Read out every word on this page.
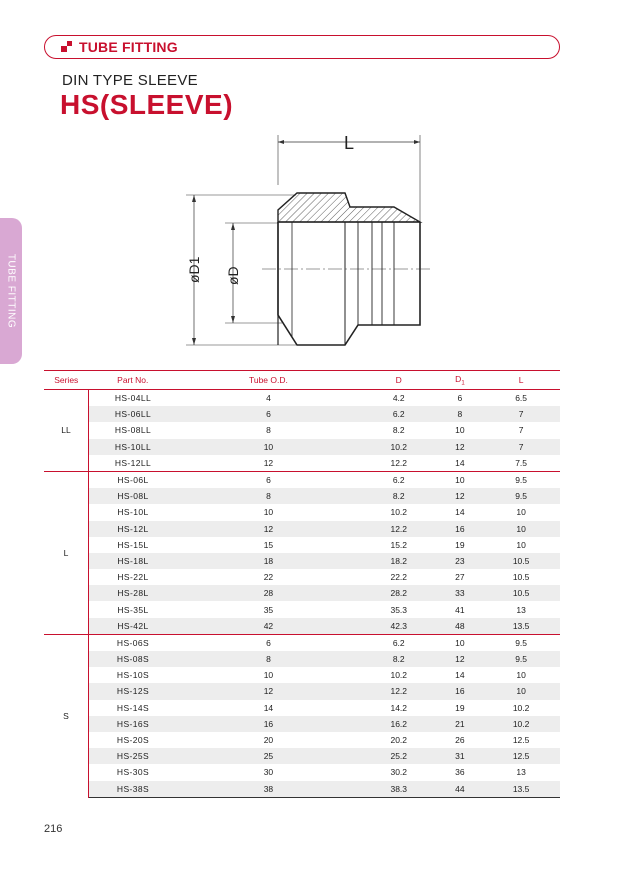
TUBE FITTING
DIN TYPE SLEEVE
HS(SLEEVE)
TUBE FITTING
L
øD1 øD
Series	Part No.	Tube O.D.	D	$D_1$	L
LL	HS-04LL	4	4.2	6	6.5
	HS-06LL	6	6.2	8	7
	HS-08LL	8	8.2	10	7
	HS-10LL	10	10.2	12	7
	HS-12LL	12	12.2	14	7.5
L	HS-06L	6	6.2	10	9.5
	HS-08L	8	8.2	12	9.5
	HS-10L	10	10.2	14	10
	HS-12L	12	12.2	16	10
	HS-15L	15	15.2	19	10
	HS-18L	18	18.2	23	10.5
	HS-22L	22	22.2	27	10.5
	HS-28L	28	28.2	33	10.5
	HS-35L	35	35.3	41	13
	HS-42L	42	42.3	48	13.5
S	HS-06S	6	6.2	10	9.5
	HS-08S	8	8.2	12	9.5
	HS-10S	10	10.2	14	10
	HS-12S	12	12.2	16	10
	HS-14S	14	14.2	19	10.2
	HS-16S	16	16.2	21	10.2
	HS-20S	20	20.2	26	12.5
	HS-25S	25	25.2	31	12.5
	HS-30S	30	30.2	36	13
	HS-38S	38	38.3	44	13.5
216
